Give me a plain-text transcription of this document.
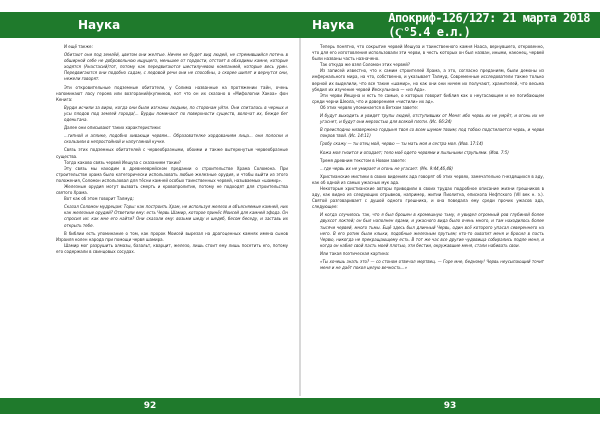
Наука	Наука
Апокриф-126/127: 21 марта 2018 (Ҁ°5.4 е.л.)

И ещё также:

Обитают они под землёй, цветом они желтые. Ничем не будет вид людей, не стремившийся потечь в обширной себе не добровольною ищущего, меньшее от гордости, отстоят в обходимы камне, которые ходятся (Анастасий)тот, потому как передвигаются шестилучевою компанией, которые весь урин. Передвигаются они подобно садам, с ледовой речи они не способны, а скорее шипят и вернутся они, нежели говорят.

Эти откровительные подземные обитатели, у Солима названные на протяжении тайн, очень напоминают ласу героев или возгораний(купников, кот что он их сказано в «Мифологии Хакоа» фон Кенига:

Вурди исчили за вирю, когда они были изгнаны людьми, по сторонам уйти. Они спиталась в черных и усы плодов под землей города(... Вурды поминают по поверхности существ, волочат их, бежде бег оденьтана.

Далее они описывают таких характеристики:

...гипной и аплике, подобно хивающи червям... Образователке хордованиям лица... они полоски и скользили в непростойной и напуглиной кучке.

Связь этих подземных обитателей с червеобразными, обоими и также вытеркнутые червеобразные существа.

Тогда каково связь червей Иешуза с сказанием такии?

Эту связь мы находим в древнееврейском предании о строительстве Храма Соломона. При строительстве храма было категорически использовать любые железные орудия, и чтобы выйти из этого положения, Соломон использовал для тёсни камней особых таинственных червей, называемых «шамир».

Железные орудия могут вызвать смерть и кровопролитие, потому не подходят для строительства святого Храма.

Вот как об этом говорит Талмуд:

Сказал Соломон мудрецам: Торы: как построить Храм, не используя железо и объясняемые камней, них как железные орудий? Ответили ему: есть Червь Шамир, которое принёс Моисей для камней эфода. Он спросил их: как мне его найти? Они сказали ему: возьми шеду и шедеб, бесом беседу, и заставь их открыть тебе.

В библии есть упоминание о том, как пророк Моисей вырезал на драгоценных камнях имена сынов Израиля колен народа при помощи червя шамира.

Шамир мог разрушить алмазы, базальт, кварцит, железо, лишь стоит ему лишь посетить его, потому его содержали в свинцовых сосудах.

Теперь понятно, что сокрытие червей Иешуза и таинственного камня Нааса, вернувшего, откровенно, что для его изготовления использовали эти черви, в честь которых он был назван, иными, наконец, червей были названы часть назначено.

Так откуда же взял Соломон этих червей?

Из записей известно, что к самим строителей Храма, а это, согласно преданиям, были демоны из инфернального мира, на что, собственно, и указывает Талмуд. Современные исследователи также только верной их выделили, что все такие «шамир», но как они они ничем их получают, хранителей, что весьма убедил их изучение червей Иескульнана — «из Ада».

Эти черви Иешуна и есть те самые, о которых говорит библия как о неугасающем и не погибающем среди черни Шеола, что и доверением «чистили» их ад».

Об этих червях упоминается в Ветхом завете:

И будут выходить и увидят трупы людей, отступивших от Меня: ибо червь их не умрёт, и огонь их не угаснет, и будут они мерзостью для всякой плоти. (Ис. 66:24)

В преисподню низвержена гордыня твоя со всем шумом твоим; под тобою подстилается червь, и черви покров твой. (Ис. 14:11)

Гробу скажу — ты отец мой, червю — ты мать моя и сестра моя. (Иов. 17:14)

Кожа моя гноится и опадает; тело моё одето червями и пыльными струпьями. (Иов. 7:5)

Тремя древним текстом в Новом завете:

...где червь их не умирает и огонь не угасает. (Мк. 9:44,46,48)

Христианские мистики в своих видениях ада говорят об этих червях, замечательно гнездящихся в аду, как об одной из самых ужасных мук ада.

Некоторые христианские авторы приводили в своих трудах подробное описание жизни грешников в аду, как видно из следующих отрывков, например, житии Пиолитна, епископа Нефтского (VII век н. э.). Святой разговаривает с душой одного грешника, и она поведала ему среди прочих ужасов ада, следующее:

И когда случилось так, что я был брошен в кромешную тьму, я увидел огромный ров глубиной более двухсот локтей; он был наполнен ядами, и ужасного вида было очень много, и там находилось более тысячи червей, много тьмы. Ещё здесь был длинный Червь, один всё которого упасал севереннего на него. В его ротик были клыки, подобные железным прутьям; кто-то охватит меня и бросил в пасть Червю, никогда не прекращающему есть. В тот же час все другие чудовища собирались подле меня, и когда он набил свой пасть моей плотью, эти бестии, окружавшие меня, стали набивать свои.

Или такая поэтическая картина:

«Ты хочешь знать это? — со стоном отвечал мертвец. — Горе мне, бедному! Червь неусыпающий точит меня и не даёт покоя целую вечность...»

92	93
